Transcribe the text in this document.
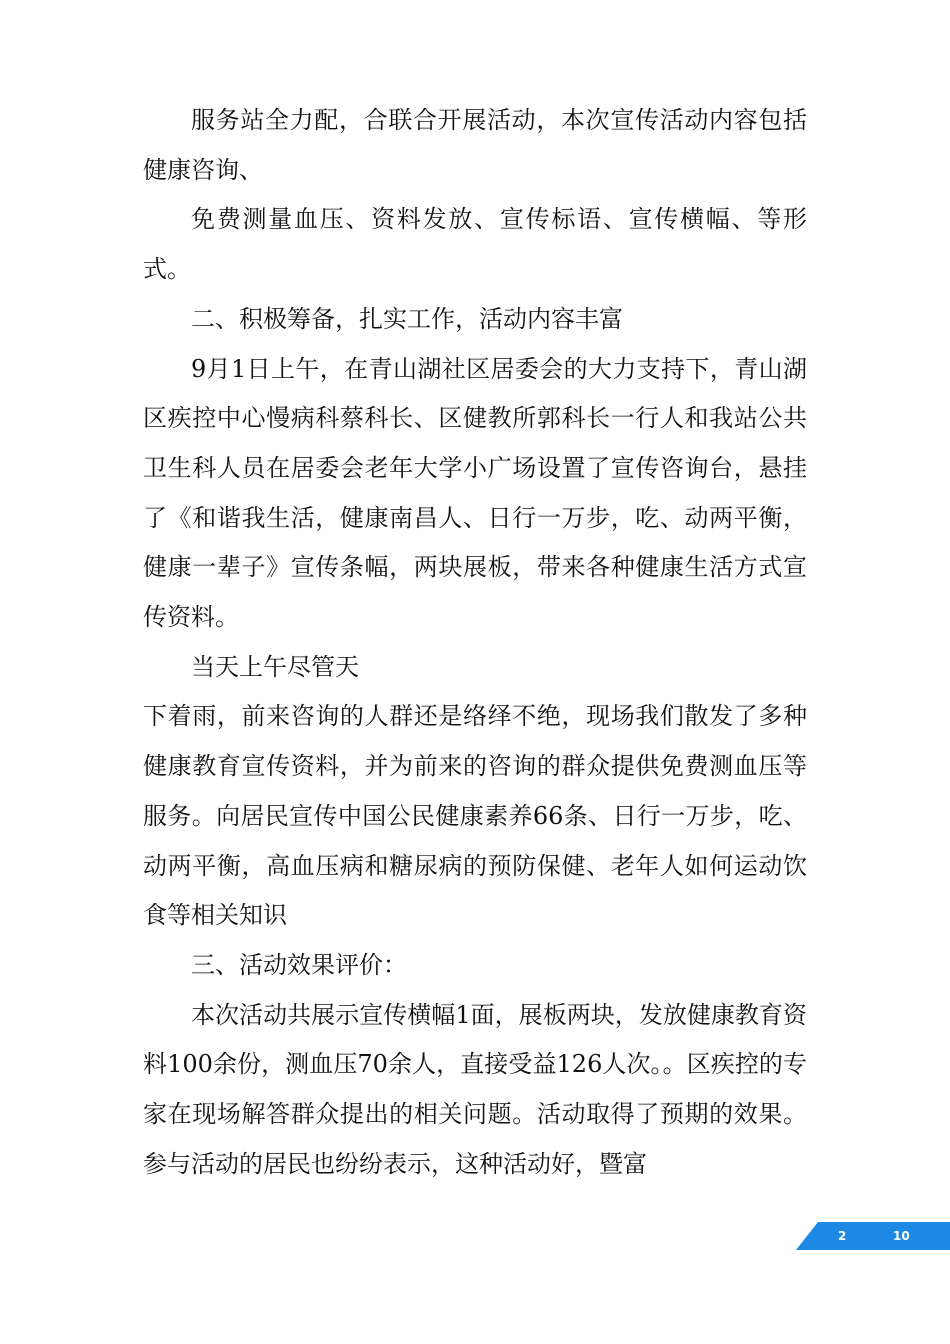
服务站全力配，合联合开展活动，本次宣传活动内容包括健康咨询、

免费测量血压、资料发放、宣传标语、宣传横幅、等形式。

二、积极筹备，扎实工作，活动内容丰富

9月1日上午，在青山湖社区居委会的大力支持下，青山湖区疾控中心慢病科蔡科长、区健教所郭科长一行人和我站公共卫生科人员在居委会老年大学小广场设置了宣传咨询台，悬挂了《和谐我生活，健康南昌人、日行一万步，吃、动两平衡，健康一辈子》宣传条幅，两块展板，带来各种健康生活方式宣传资料。

当天上午尽管天

下着雨，前来咨询的人群还是络绎不绝，现场我们散发了多种健康教育宣传资料，并为前来的咨询的群众提供免费测血压等服务。向居民宣传中国公民健康素养66条、日行一万步，吃、动两平衡，高血压病和糖尿病的预防保健、老年人如何运动饮食等相关知识

三、活动效果评价：

本次活动共展示宣传横幅1面，展板两块，发放健康教育资料100余份，测血压70余人，直接受益126人次。。区疾控的专家在现场解答群众提出的相关问题。活动取得了预期的效果。参与活动的居民也纷纷表示，这种活动好，暨富

2	10
